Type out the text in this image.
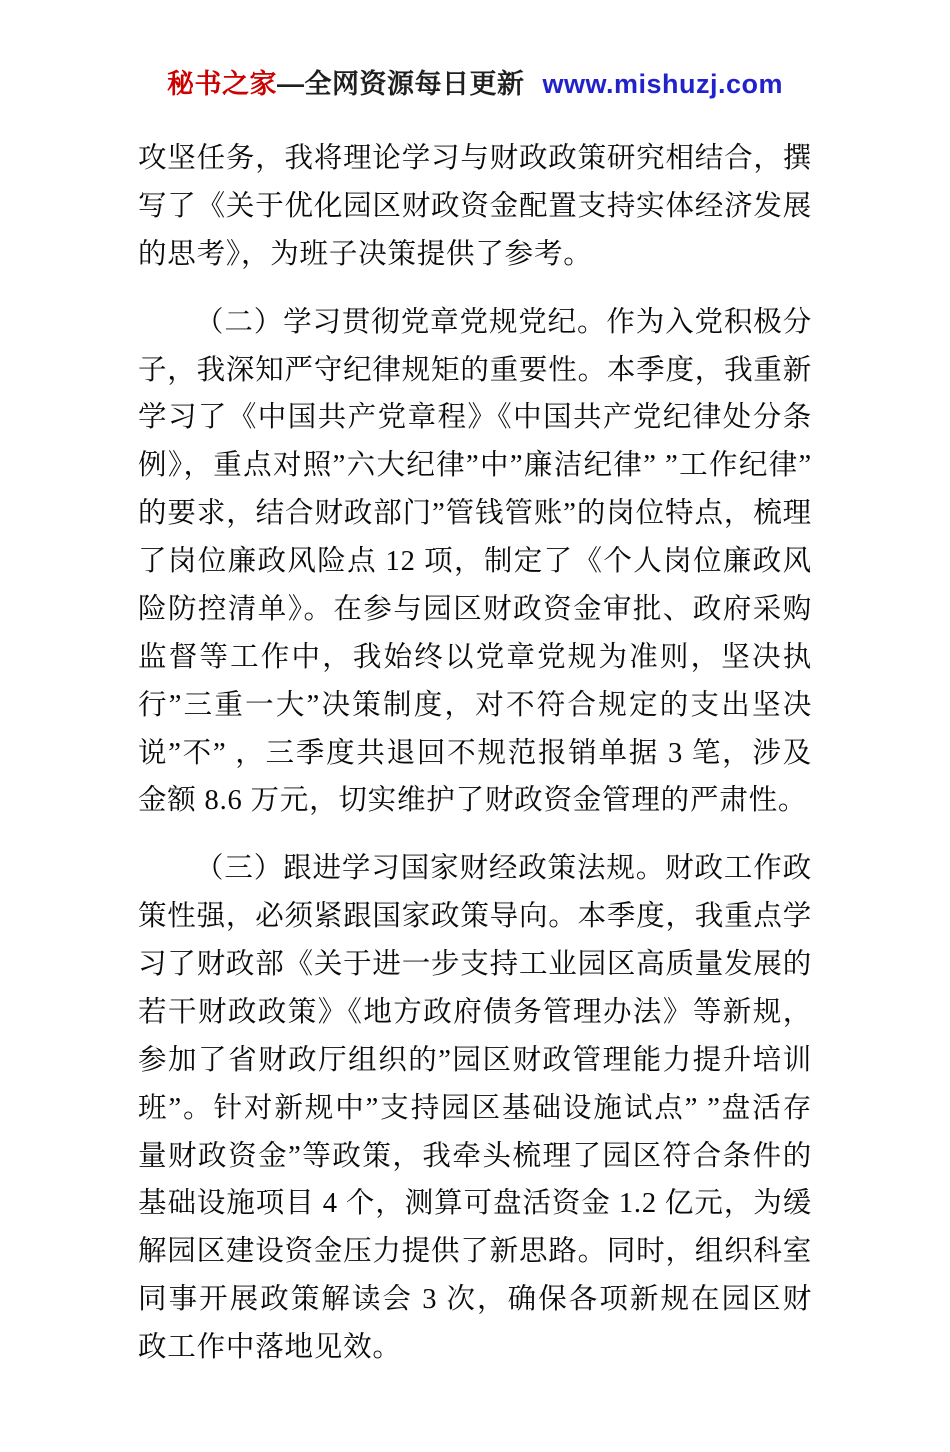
秘书之家—全网资源每日更新 www.mishuzj.com

攻坚任务，我将理论学习与财政政策研究相结合，撰写了《关于优化园区财政资金配置支持实体经济发展的思考》，为班子决策提供了参考。

（二）学习贯彻党章党规党纪。作为入党积极分子，我深知严守纪律规矩的重要性。本季度，我重新学习了《中国共产党章程》《中国共产党纪律处分条例》，重点对照”六大纪律”中”廉洁纪律” ”工作纪律”的要求，结合财政部门”管钱管账”的岗位特点，梳理了岗位廉政风险点 12 项，制定了《个人岗位廉政风险防控清单》。在参与园区财政资金审批、政府采购监督等工作中，我始终以党章党规为准则，坚决执行”三重一大”决策制度，对不符合规定的支出坚决说”不” ，三季度共退回不规范报销单据 3 笔，涉及金额 8.6 万元，切实维护了财政资金管理的严肃性。

（三）跟进学习国家财经政策法规。财政工作政策性强，必须紧跟国家政策导向。本季度，我重点学习了财政部《关于进一步支持工业园区高质量发展的若干财政政策》《地方政府债务管理办法》等新规，参加了省财政厅组织的”园区财政管理能力提升培训班”。针对新规中”支持园区基础设施试点” ”盘活存量财政资金”等政策，我牵头梳理了园区符合条件的基础设施项目 4 个，测算可盘活资金 1.2 亿元，为缓解园区建设资金压力提供了新思路。同时，组织科室同事开展政策解读会 3 次，确保各项新规在园区财政工作中落地见效。
